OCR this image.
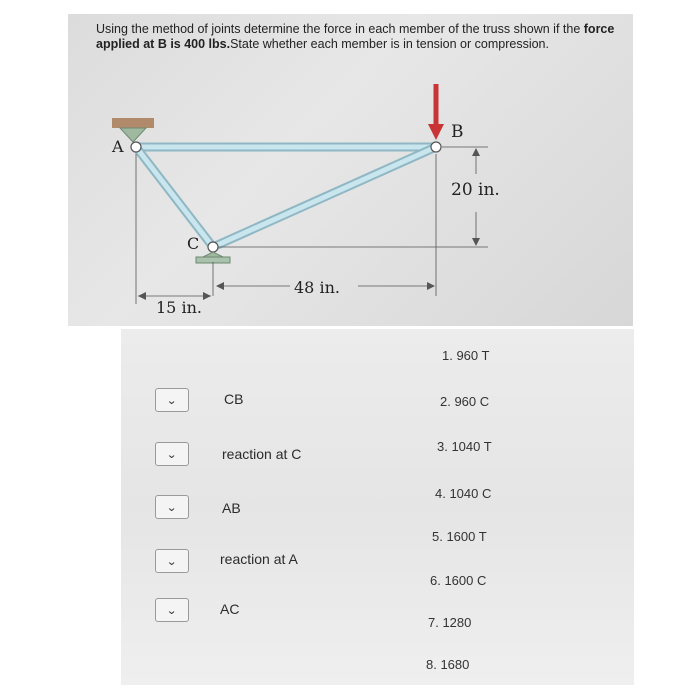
Using the method of joints determine the force in each member of the truss shown if the force applied at B is 400 lbs.State whether each member is in tension or compression.
A
B
C
20 in.
48 in.
15 in.
⌄
⌄
⌄
⌄
⌄
CB
reaction at C
AB
reaction at A
AC
1. 960 T
2. 960 C
3. 1040 T
4. 1040 C
5. 1600 T
6. 1600 C
7. 1280
8. 1680
